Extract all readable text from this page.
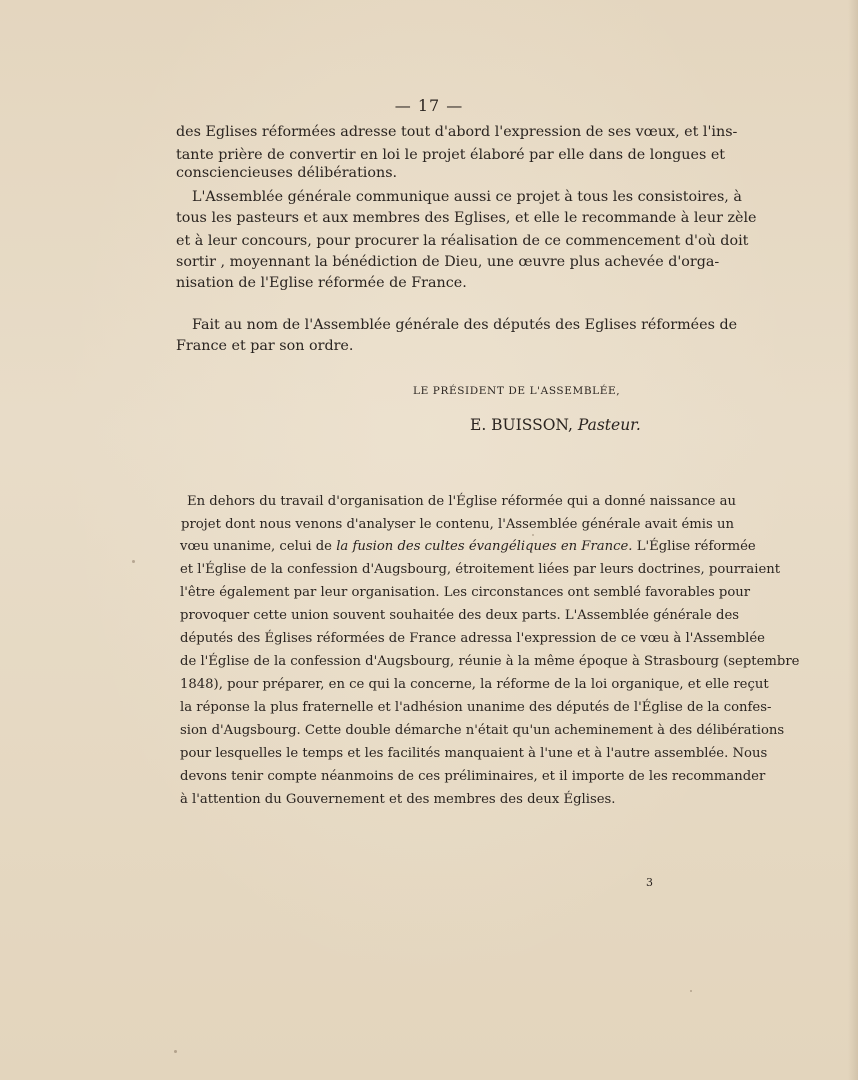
— 17 —
des Eglises réformées adresse tout d'abord l'expression de ses vœux, et l'ins-
tante prière de convertir en loi le projet élaboré par elle dans de longues et
consciencieuses délibérations.
L'Assemblée générale communique aussi ce projet à tous les consistoires, à
tous les pasteurs et aux membres des Eglises, et elle le recommande à leur zèle
et à leur concours, pour procurer la réalisation de ce commencement d'où doit
sortir , moyennant la bénédiction de Dieu, une œuvre plus achevée d'orga-
nisation de l'Eglise réformée de France.
Fait au nom de l'Assemblée générale des députés des Eglises réformées de
France et par son ordre.
LE PRÉSIDENT DE L'ASSEMBLÉE,
E. BUISSON, Pasteur.
En dehors du travail d'organisation de l'Église réformée qui a donné naissance au
projet dont nous venons d'analyser le contenu, l'Assemblée générale avait émis un
vœu unanime, celui de la fusion des cultes évangéliques en France. L'Église réformée
et l'Église de la confession d'Augsbourg, étroitement liées par leurs doctrines, pourraient
l'être également par leur organisation. Les circonstances ont semblé favorables pour
provoquer cette union souvent souhaitée des deux parts. L'Assemblée générale des
députés des Églises réformées de France adressa l'expression de ce vœu à l'Assemblée
de l'Église de la confession d'Augsbourg, réunie à la même époque à Strasbourg (septembre
1848), pour préparer, en ce qui la concerne, la réforme de la loi organique, et elle reçut
la réponse la plus fraternelle et l'adhésion unanime des députés de l'Église de la confes-
sion d'Augsbourg. Cette double démarche n'était qu'un acheminement à des délibérations
pour lesquelles le temps et les facilités manquaient à l'une et à l'autre assemblée. Nous
devons tenir compte néanmoins de ces préliminaires, et il importe de les recommander
à l'attention du Gouvernement et des membres des deux Églises.
3
